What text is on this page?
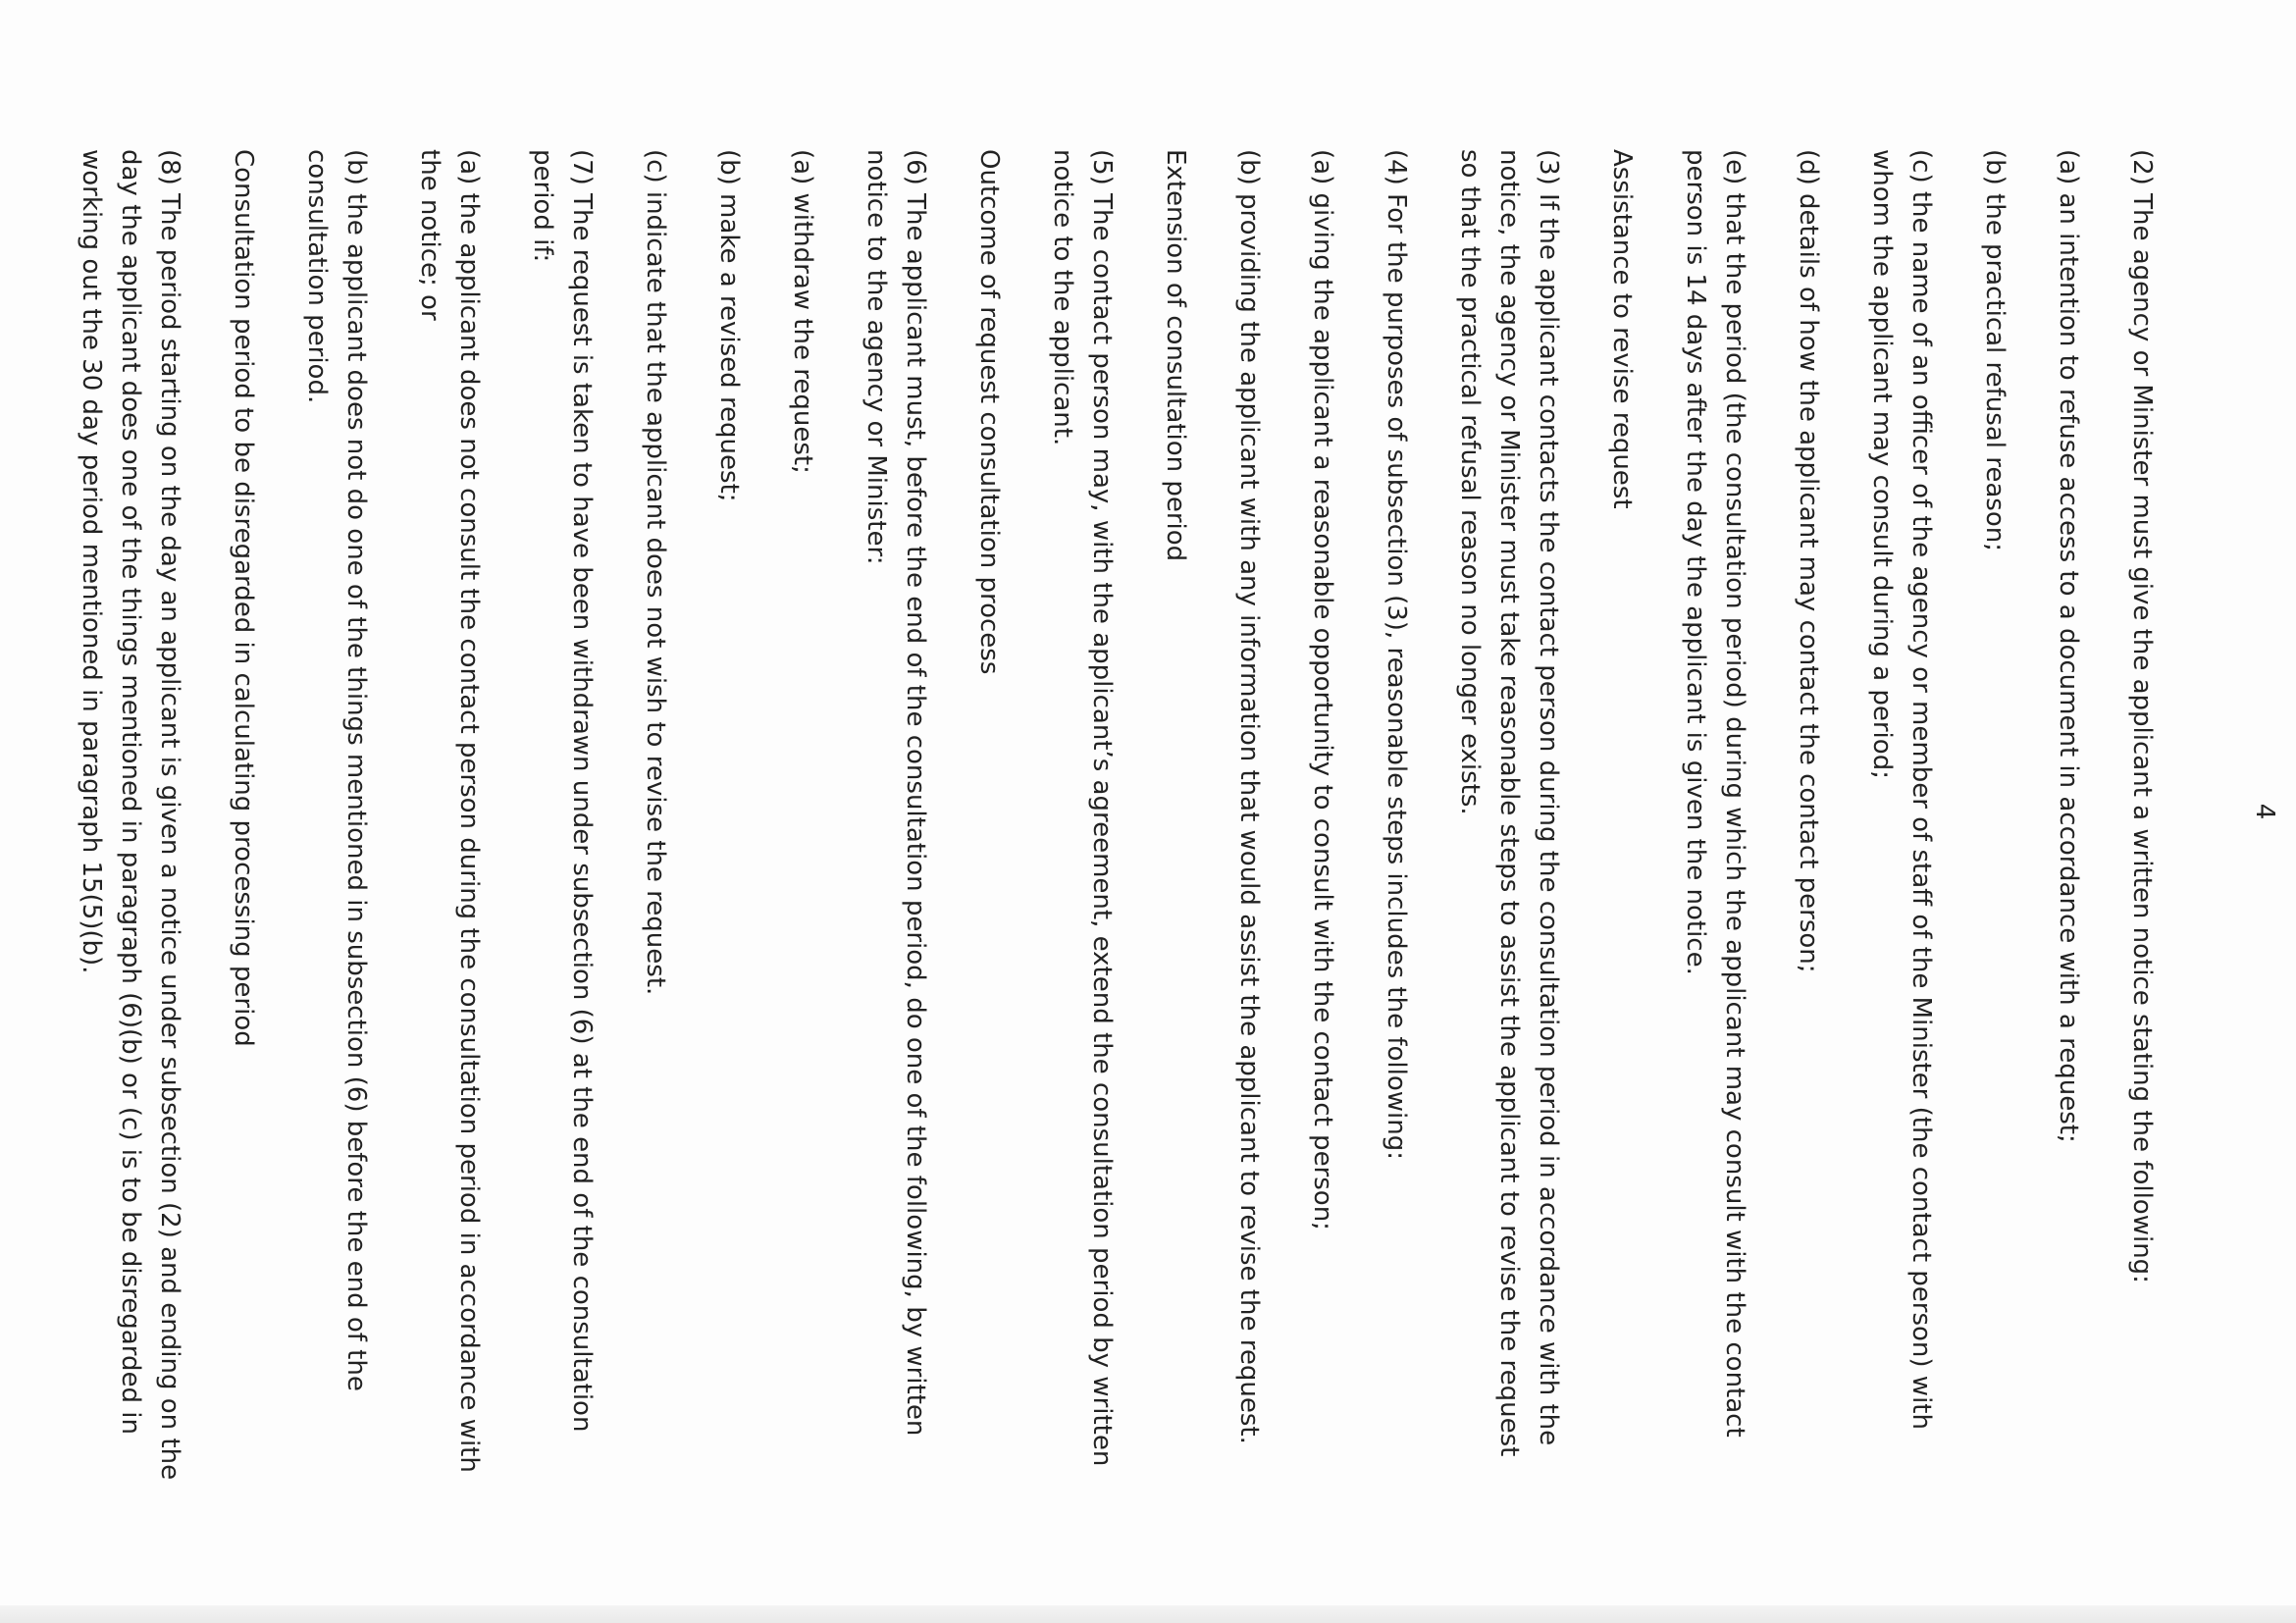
4

(2) The agency or Minister must give the applicant a written notice stating the following:

(a) an intention to refuse access to a document in accordance with a request;

(b) the practical refusal reason;

(c) the name of an officer of the agency or member of staff of the Minister (the contact person) with whom the applicant may consult during a period;

(d) details of how the applicant may contact the contact person;

(e) that the period (the consultation period) during which the applicant may consult with the contact person is 14 days after the day the applicant is given the notice.

Assistance to revise request

(3) If the applicant contacts the contact person during the consultation period in accordance with the notice, the agency or Minister must take reasonable steps to assist the applicant to revise the request so that the practical refusal reason no longer exists.

(4) For the purposes of subsection (3), reasonable steps includes the following:

(a) giving the applicant a reasonable opportunity to consult with the contact person;

(b) providing the applicant with any information that would assist the applicant to revise the request.

Extension of consultation period

(5) The contact person may, with the applicant’s agreement, extend the consultation period by written notice to the applicant.

Outcome of request consultation process

(6) The applicant must, before the end of the consultation period, do one of the following, by written notice to the agency or Minister:

(a) withdraw the request;

(b) make a revised request;

(c) indicate that the applicant does not wish to revise the request.

(7) The request is taken to have been withdrawn under subsection (6) at the end of the consultation period if:

(a) the applicant does not consult the contact person during the consultation period in accordance with the notice; or

(b) the applicant does not do one of the things mentioned in subsection (6) before the end of the consultation period.

Consultation period to be disregarded in calculating processing period

(8) The period starting on the day an applicant is given a notice under subsection (2) and ending on the day the applicant does one of the things mentioned in paragraph (6)(b) or (c) is to be disregarded in working out the 30 day period mentioned in paragraph 15(5)(b).
